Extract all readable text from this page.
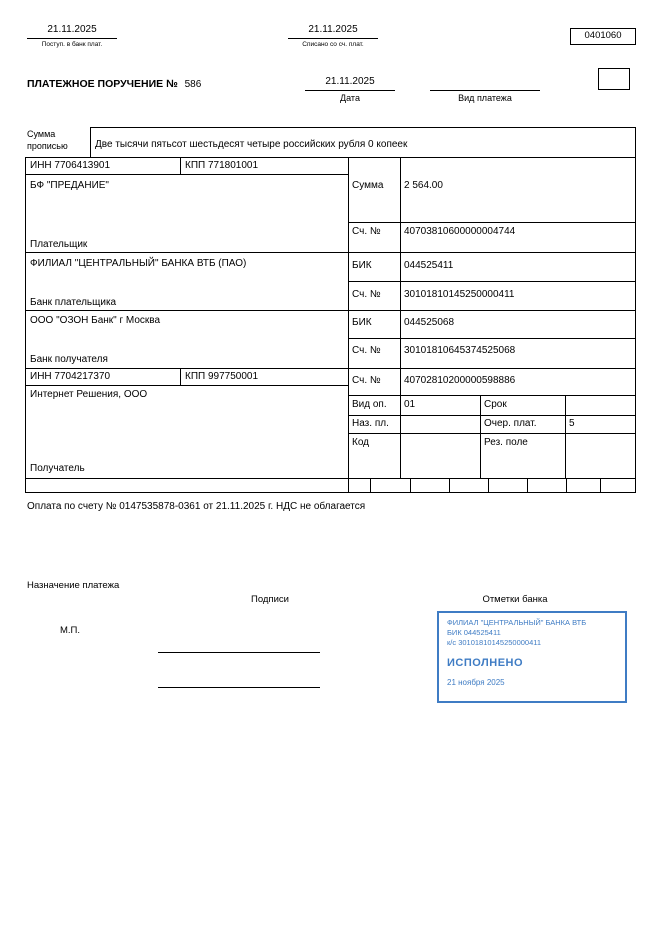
21.11.2025
Поступ. в банк плат.
21.11.2025
Списано со сч. плат.
0401060
ПЛАТЕЖНОЕ ПОРУЧЕНИЕ № 586	21.11.2025
Дата	Вид платежа
Сумма
прописью	Две тысячи пятьсот шестьдесят четыре российских рубля 0 копеек
ИНН 7706413901	КПП 771801001
Сумма 2 564.00
БФ "ПРЕДАНИЕ"
Плательщик
Сч. № 40703810600000004744
ФИЛИАЛ "ЦЕНТРАЛЬНЫЙ" БАНКА ВТБ (ПАО)	БИК	044525411
Сч. № 30101810145250000411
Банк плательщика
ООО "ОЗОН Банк" г Москва	БИК	044525068
Сч. № 30101810645374525068
Банк получателя
ИНН 7704217370	КПП 997750001	Сч. № 40702810200000598886
Интернет Решения, ООО
Получатель
Вид оп. 01	Срок
Наз. пл.	Очер. плат.	5
Код	Рез. поле
Оплата по счету № 0147535878-0361 от 21.11.2025 г. НДС не облагается
Назначение платежа
Подписи	Отметки банка
М.П.
ФИЛИАЛ "ЦЕНТРАЛЬНЫЙ" БАНКА ВТБ
БИК 044525411
к/с 30101810145250000411
ИСПОЛНЕНО
21 ноября 2025
